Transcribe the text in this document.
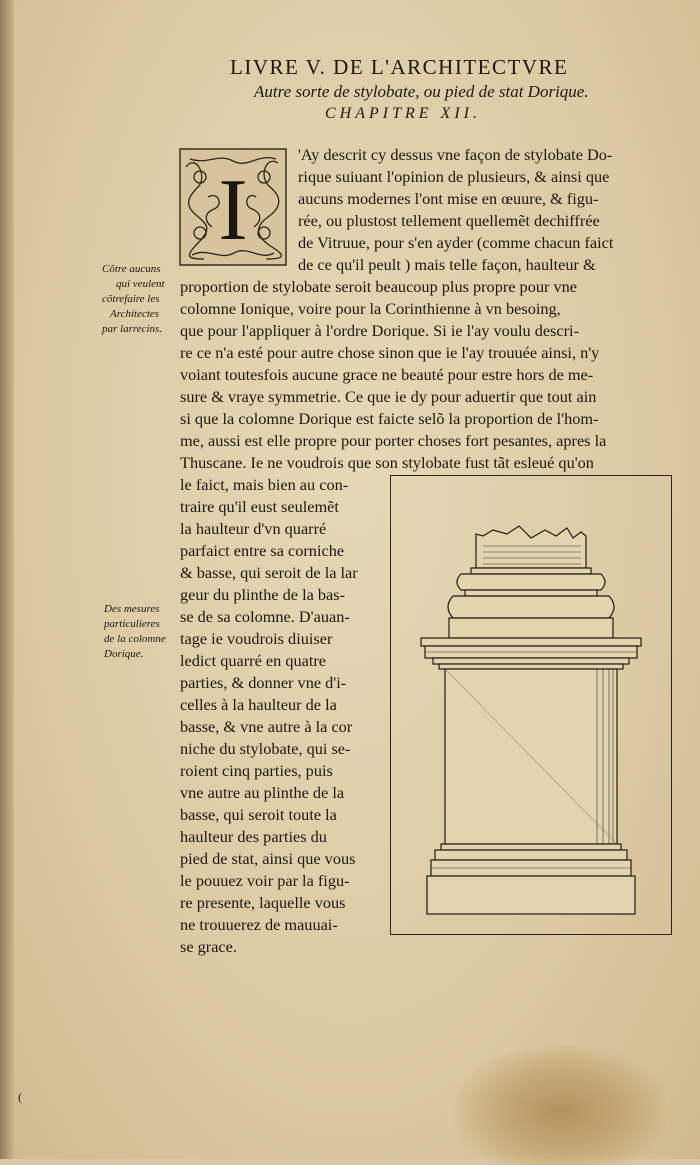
LIVRE V. DE L'ARCHITECTVRE
Autre sorte de stylobate, ou pied de stat Dorique.
CHAPITRE XII.
I
'Ay descrit cy dessus vne façon de stylobate Do-
rique suiuant l'opinion de plusieurs, & ainsi que
aucuns modernes l'ont mise en œuure, & figu-
rée, ou plustost tellement quellemẽt dechiffrée
de Vitruue, pour s'en ayder (comme chacun faict
de ce qu'il peult ) mais telle façon, haulteur &
proportion de stylobate seroit beaucoup plus propre pour vne
colomne Ionique, voire pour la Corinthienne à vn besoing,
que pour l'appliquer à l'ordre Dorique. Si ie l'ay voulu descri-
re ce n'a esté pour autre chose sinon que ie l'ay trouuée ainsi, n'y
voiant toutesfois aucune grace ne beauté pour estre hors de me-
sure & vraye symmetrie. Ce que ie dy pour aduertir que tout ain
si que la colomne Dorique est faicte selõ la proportion de l'hom-
me, aussi est elle propre pour porter choses fort pesantes, apres la
Thuscane. Ie ne voudrois que son stylobate fust tãt esleué qu'on
le faict, mais bien au con-
traire qu'il eust seulemẽt
la haulteur d'vn quarré
parfaict entre sa corniche
& basse, qui seroit de la lar
geur du plinthe de la bas-
se de sa colomne. D'auan-
tage ie voudrois diuiser
ledict quarré en quatre
parties, & donner vne d'i-
celles à la haulteur de la
basse, & vne autre à la cor
niche du stylobate, qui se-
roient cinq parties, puis
vne autre au plinthe de la
basse, qui seroit toute la
haulteur des parties du
pied de stat, ainsi que vous
le pouuez voir par la figu-
re presente, laquelle vous
ne trouuerez de mauuai-
se grace.
Cõtre aucuns
qui veulent
cõtrefaire les
Architectes
par larrecins.
Des mesures
particulieres
de la colomne
Dorique.
(
